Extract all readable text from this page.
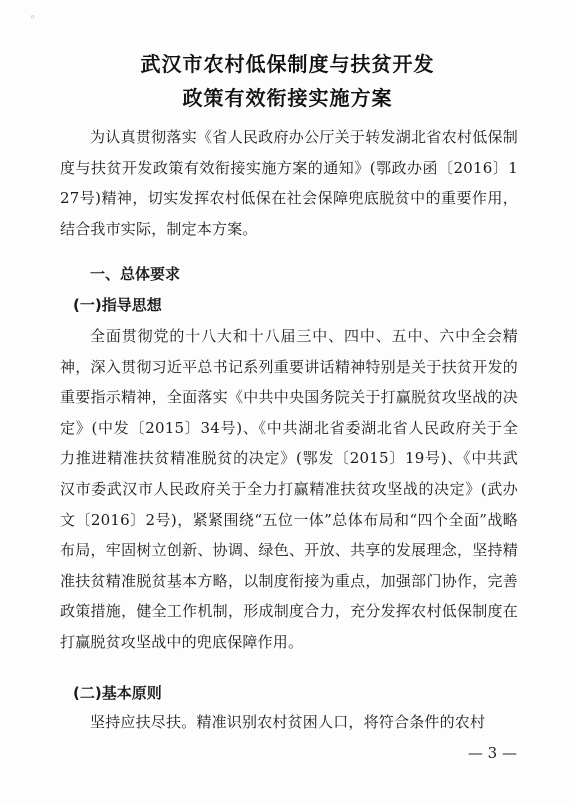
⸰
武汉市农村低保制度与扶贫开发
政策有效衔接实施方案
为认真贯彻落实《省人民政府办公厅关于转发湖北省农村低保制度与扶贫开发政策有效衔接实施方案的通知》(鄂政办函〔2016〕127号)精神，切实发挥农村低保在社会保障兜底脱贫中的重要作用，结合我市实际，制定本方案。
一、总体要求
(一)指导思想
全面贯彻党的十八大和十八届三中、四中、五中、六中全会精神，深入贯彻习近平总书记系列重要讲话精神特别是关于扶贫开发的重要指示精神，全面落实《中共中央国务院关于打赢脱贫攻坚战的决定》(中发〔2015〕34号)、《中共湖北省委湖北省人民政府关于全力推进精准扶贫精准脱贫的决定》(鄂发〔2015〕19号)、《中共武汉市委武汉市人民政府关于全力打赢精准扶贫攻坚战的决定》(武办文〔2016〕2号)，紧紧围绕“五位一体”总体布局和“四个全面”战略布局，牢固树立创新、协调、绿色、开放、共享的发展理念，坚持精准扶贫精准脱贫基本方略，以制度衔接为重点，加强部门协作，完善政策措施，健全工作机制，形成制度合力，充分发挥农村低保制度在打赢脱贫攻坚战中的兜底保障作用。
(二)基本原则
坚持应扶尽扶。精准识别农村贫困人口，将符合条件的农村
— 3 —
